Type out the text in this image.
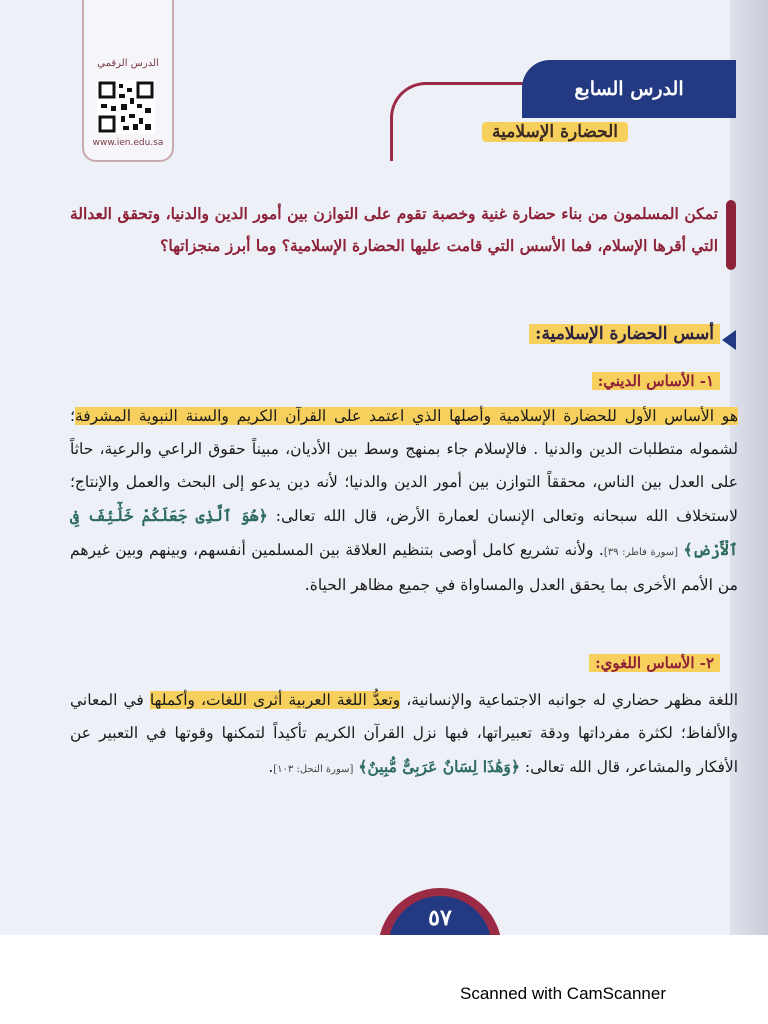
الدرس الرقمي
www.ien.edu.sa
الدرس السابع
الحضارة الإسلامية
تمكن المسلمون من بناء حضارة غنية وخصبة تقوم على التوازن بين أمور الدين والدنيا، وتحقق العدالة التي أقرها الإسلام، فما الأسس التي قامت عليها الحضارة الإسلامية؟ وما أبرز منجزاتها؟
أسس الحضارة الإسلامية:
١- الأساس الديني:
هو الأساس الأول للحضارة الإسلامية وأصلها الذي اعتمد على القرآن الكريم والسنة النبوية المشرفة؛ لشموله متطلبات الدين والدنيا . فالإسلام جاء بمنهج وسط بين الأديان، مبيناً حقوق الراعي والرعية، حاثاً على العدل بين الناس، محققاً التوازن بين أمور الدين والدنيا؛ لأنه دين يدعو إلى البحث والعمل والإنتاج؛ لاستخلاف الله سبحانه وتعالى الإنسان لعمارة الأرض، قال الله تعالى: ﴿هُوَ ٱلَّذِى جَعَلَكُمْ خَلَٰٓئِفَ فِى ٱلْأَرْضِ﴾ [سورة فاطر: ٣٩]. ولأنه تشريع كامل أوصى بتنظيم العلاقة بين المسلمين أنفسهم، وبينهم وبين غيرهم من الأمم الأخرى بما يحقق العدل والمساواة في جميع مظاهر الحياة.
٢- الأساس اللغوي:
اللغة مظهر حضاري له جوانبه الاجتماعية والإنسانية، وتعدُّ اللغة العربية أثرى اللغات، وأكملها في المعاني والألفاظ؛ لكثرة مفرداتها ودقة تعبيراتها، فبها نزل القرآن الكريم تأكيداً لتمكنها وقوتها في التعبير عن الأفكار والمشاعر، قال الله تعالى: ﴿وَهَٰذَا لِسَانٌ عَرَبِىٌّ مُّبِينٌ﴾ [سورة النحل: ١٠٣].
٥٧
Scanned with CamScanner
